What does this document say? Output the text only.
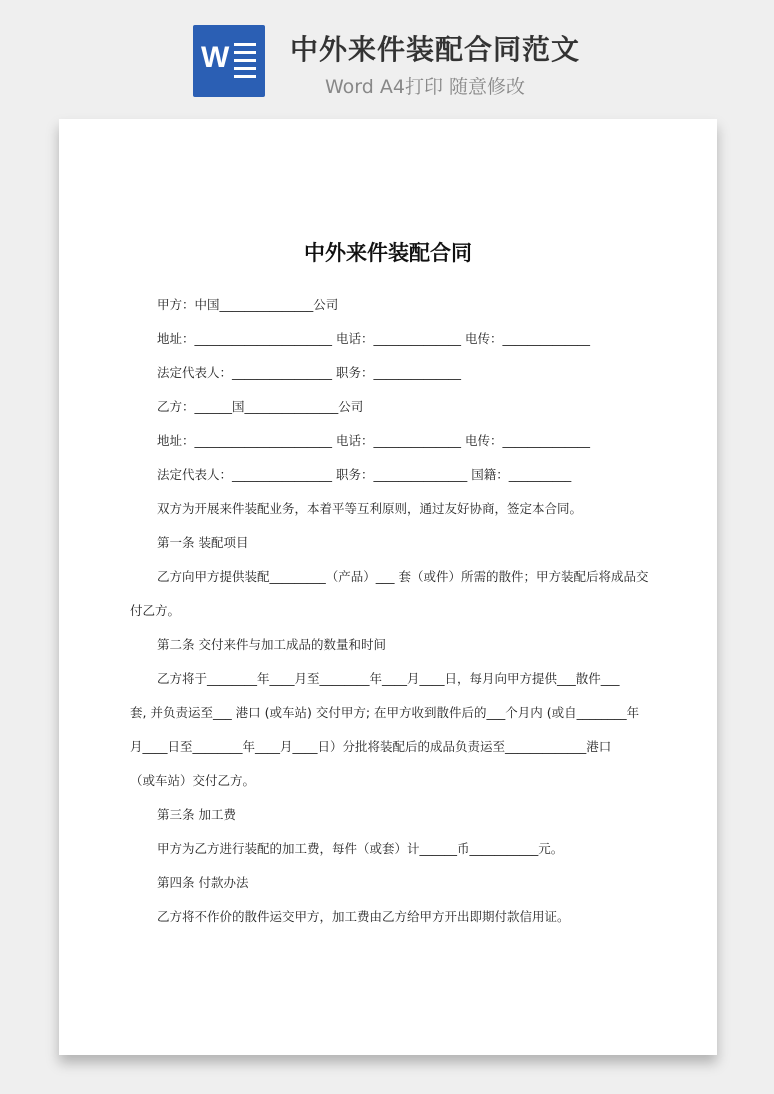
W 中外来件装配合同范文
Word A4打印 随意修改
中外来件装配合同
甲方：中国_______________公司
地址：______________________ 电话：______________ 电传：______________
法定代表人：________________ 职务：______________
乙方：______国_______________公司
地址：______________________ 电话：______________ 电传：______________
法定代表人：________________ 职务：_______________ 国籍：__________
双方为开展来件装配业务，本着平等互利原则，通过友好协商，签定本合同。
第一条 装配项目
乙方向甲方提供装配_________（产品）___ 套（或件）所需的散件；甲方装配后将成品交
付乙方。
第二条 交付来件与加工成品的数量和时间
乙方将于________年____月至________年____月____日，每月向甲方提供___散件___
套, 并负责运至___ 港口 (或车站) 交付甲方; 在甲方收到散件后的___个月内 (或自________年
月____日至________年____月____日）分批将装配后的成品负责运至_____________港口
（或车站）交付乙方。
第三条 加工费
甲方为乙方进行装配的加工费，每件（或套）计______币___________元。
第四条 付款办法
乙方将不作价的散件运交甲方，加工费由乙方给甲方开出即期付款信用证。
